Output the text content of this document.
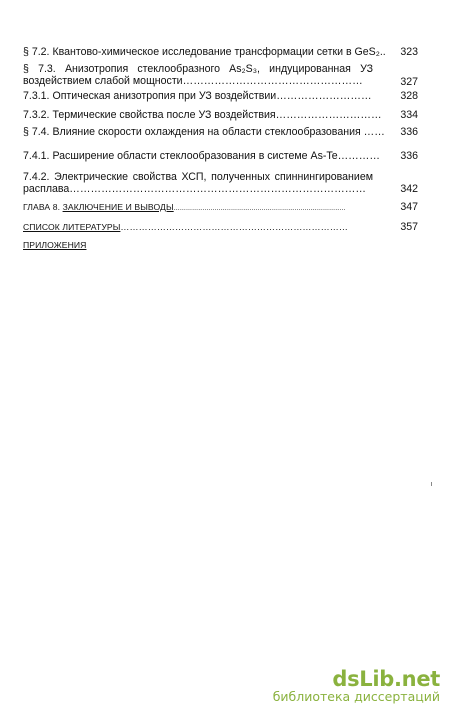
§ 7.2. Квантово-химическое исследование трансформации сетки в GeS₂.. 323
§ 7.3. Анизотропия стеклообразного As₂S₃, индуцированная УЗ
воздействием слабой мощности……………………………………………	327
7.3.1. Оптическая анизотропия при УЗ воздействии………………………	328
7.3.2. Термические свойства после УЗ воздействия………………………… 334
§ 7.4. Влияние скорости охлаждения на области стеклообразования …… 336
7.4.1. Расширение области стеклообразования в системе As-Te………… 336
7.4.2. Электрические свойства ХСП, полученных спиннингированием
расплава…………………………………………………………………………	342
ГЛАВА 8. ЗАКЛЮЧЕНИЕ И ВЫВОДЫ....................................................................................	347
СПИСОК ЛИТЕРАТУРЫ…………………………………………………………………	357
ПРИЛОЖЕНИЯ
dsLib.net
библиотека диссертаций
